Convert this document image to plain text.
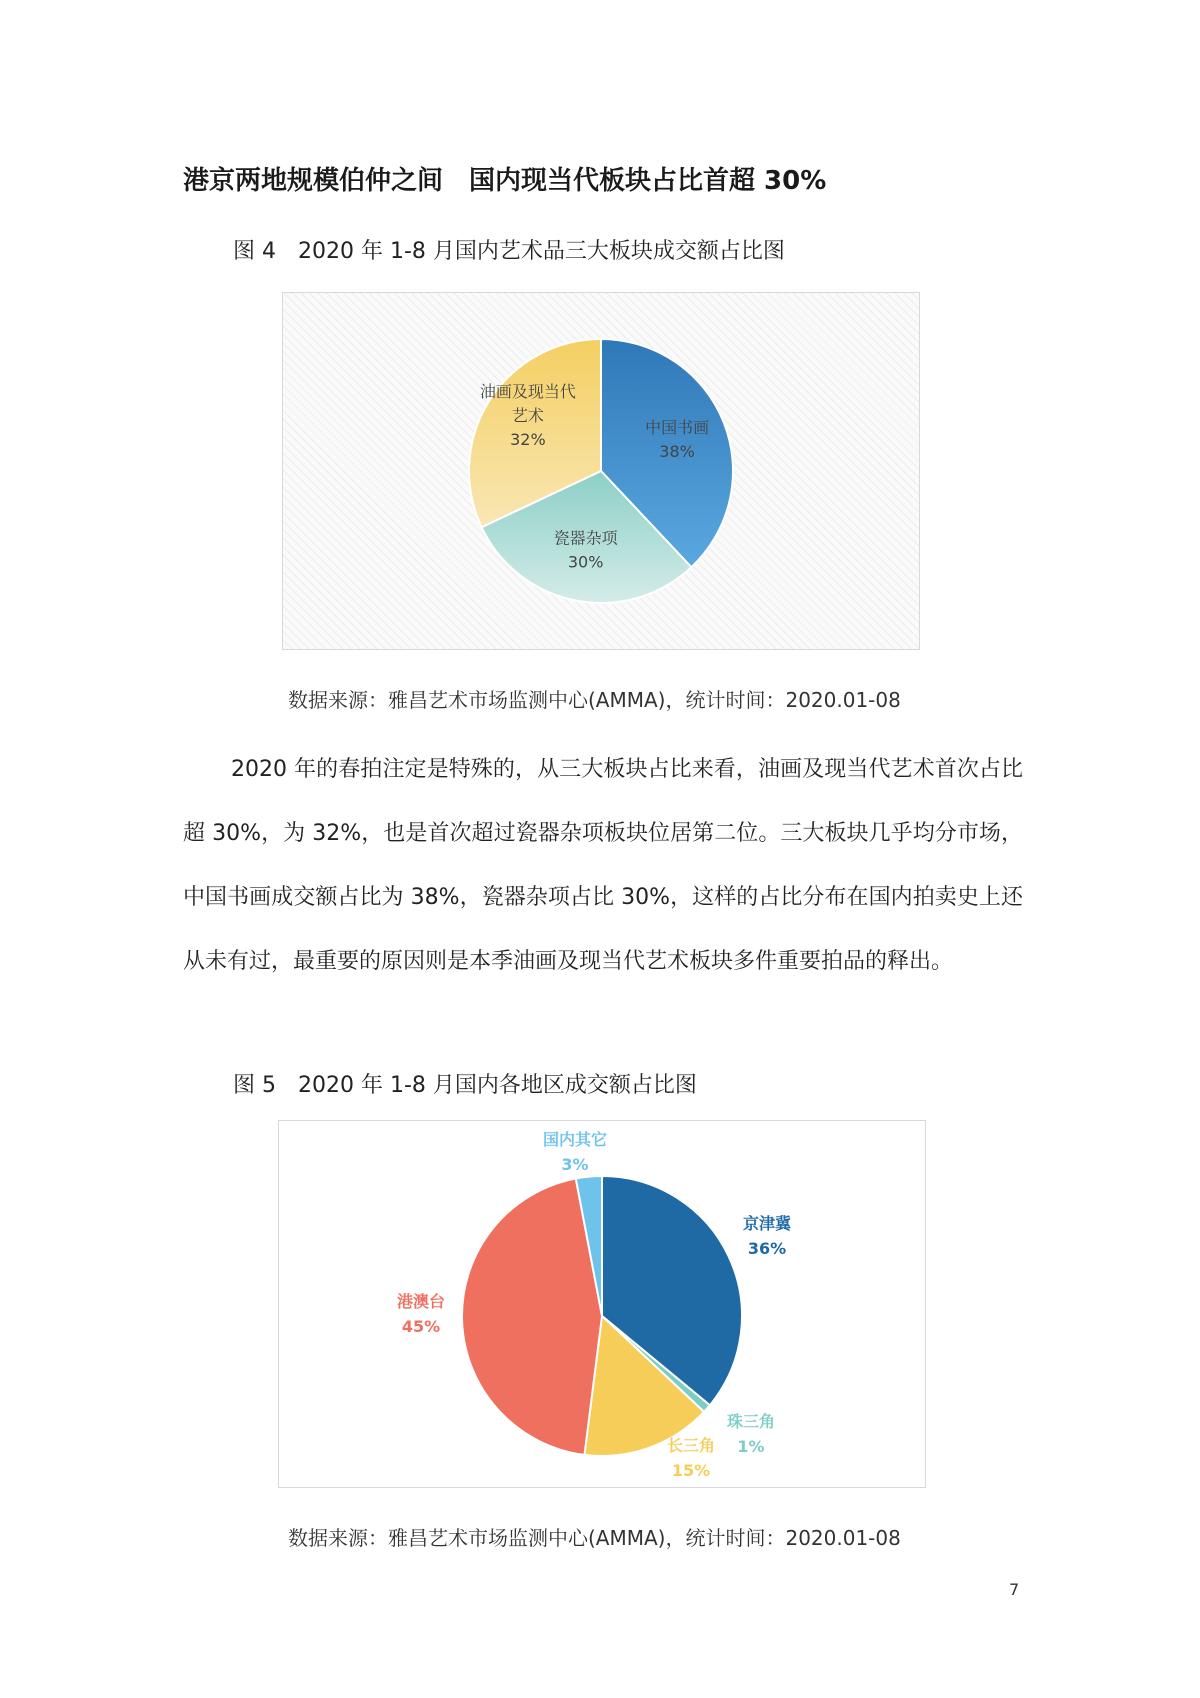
港京两地规模伯仲之间　国内现当代板块占比首超 30%
图 4　2020 年 1-8 月国内艺术品三大板块成交额占比图
中国书画
38%
瓷器杂项
30%
油画及现当代
艺术
32%
数据来源：雅昌艺术市场监测中心(AMMA)，统计时间：2020.01-08

2020 年的春拍注定是特殊的，从三大板块占比来看，油画及现当代艺术首次占比超 30%，为 32%，也是首次超过瓷器杂项板块位居第二位。三大板块几乎均分市场，中国书画成交额占比为 38%，瓷器杂项占比 30%，这样的占比分布在国内拍卖史上还从未有过，最重要的原因则是本季油画及现当代艺术板块多件重要拍品的释出。

图 5　2020 年 1-8 月国内各地区成交额占比图
京津冀
36%
珠三角
1%
长三角
15%
港澳台
45%
国内其它
3%
数据来源：雅昌艺术市场监测中心(AMMA)，统计时间：2020.01-08
7
